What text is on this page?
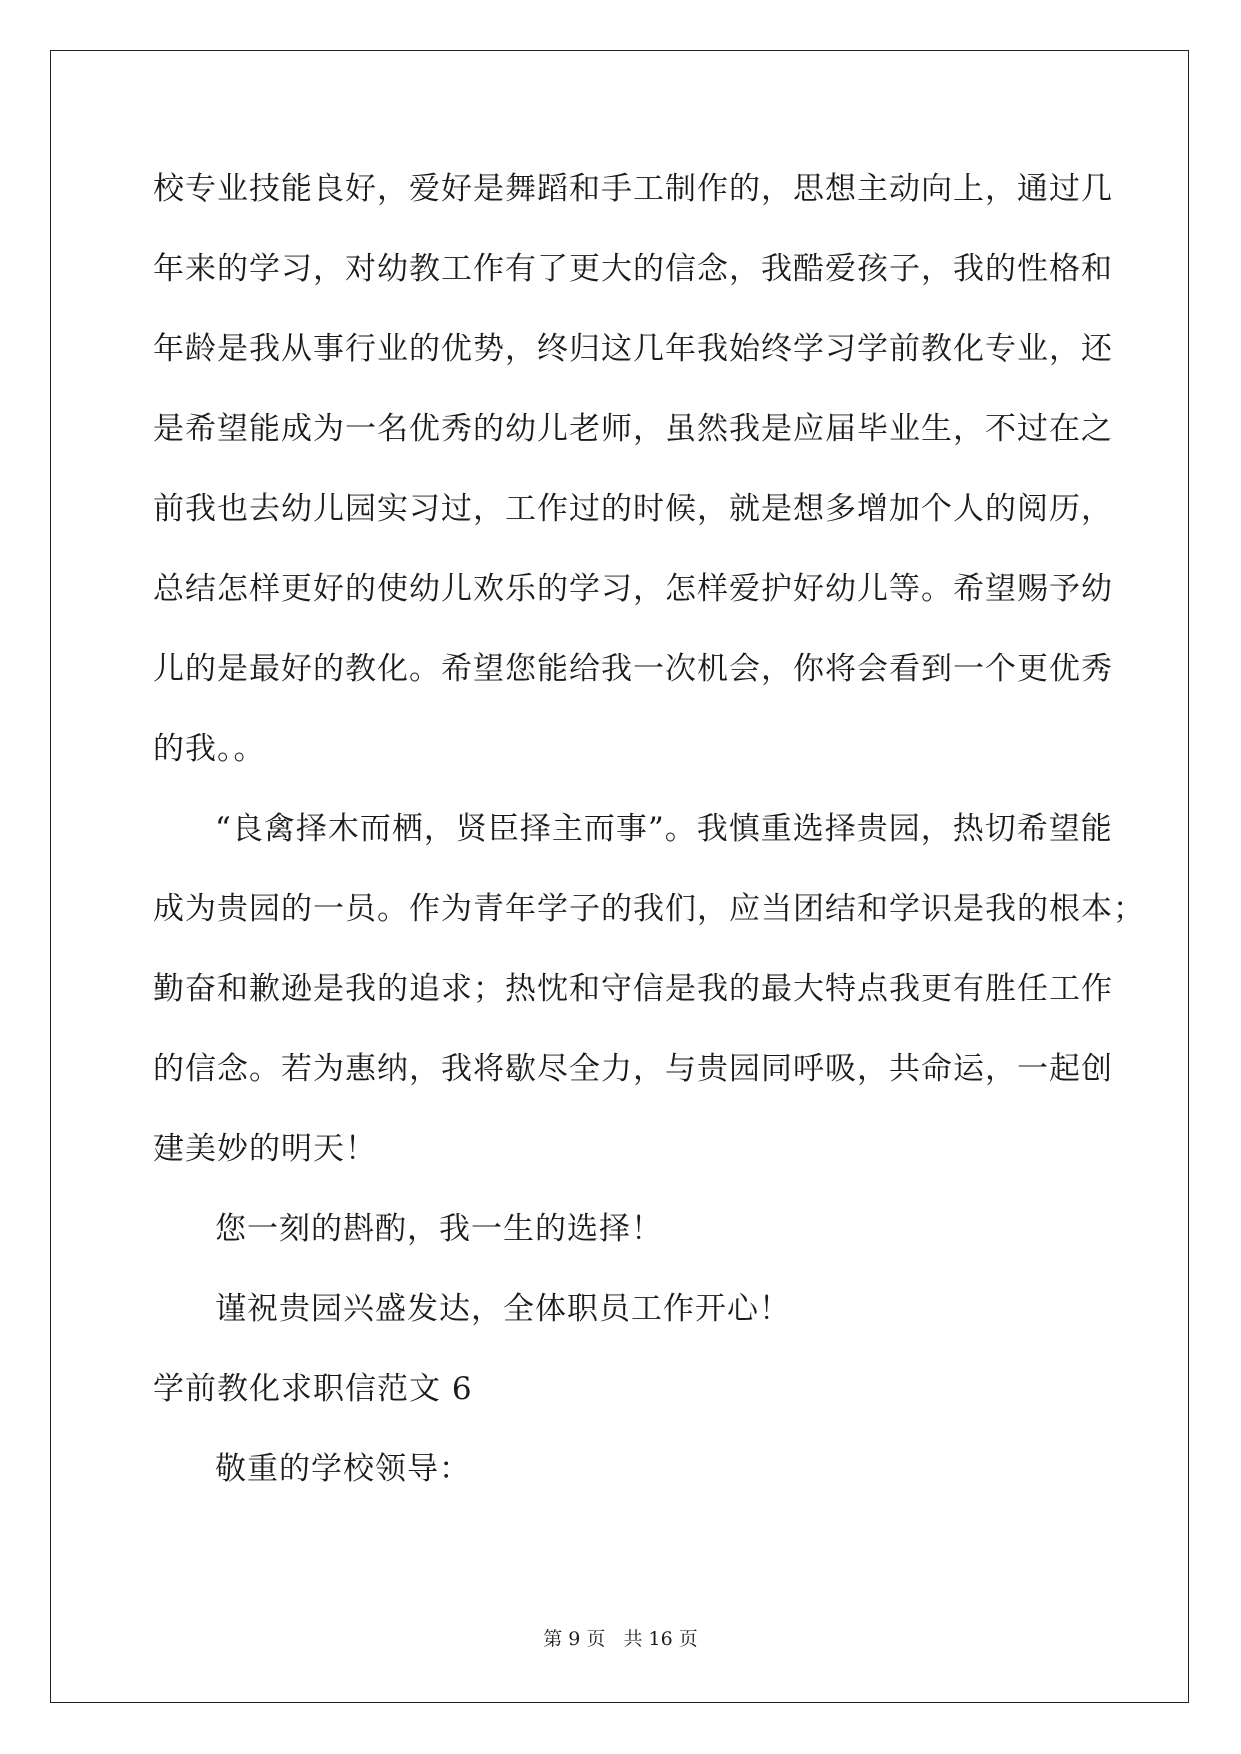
校专业技能良好，爱好是舞蹈和手工制作的，思想主动向上，通过几
年来的学习，对幼教工作有了更大的信念，我酷爱孩子，我的性格和
年龄是我从事行业的优势，终归这几年我始终学习学前教化专业，还
是希望能成为一名优秀的幼儿老师，虽然我是应届毕业生，不过在之
前我也去幼儿园实习过，工作过的时候，就是想多增加个人的阅历，
总结怎样更好的使幼儿欢乐的学习，怎样爱护好幼儿等。希望赐予幼
儿的是最好的教化。希望您能给我一次机会，你将会看到一个更优秀
的我。。
“良禽择木而栖，贤臣择主而事”。我慎重选择贵园，热切希望能
成为贵园的一员。作为青年学子的我们，应当团结和学识是我的根本；
勤奋和歉逊是我的追求；热忱和守信是我的最大特点我更有胜任工作
的信念。若为惠纳，我将歇尽全力，与贵园同呼吸，共命运，一起创
建美妙的明天！
您一刻的斟酌，我一生的选择！
谨祝贵园兴盛发达，全体职员工作开心！
学前教化求职信范文 6
敬重的学校领导：
第 9 页   共 16 页
